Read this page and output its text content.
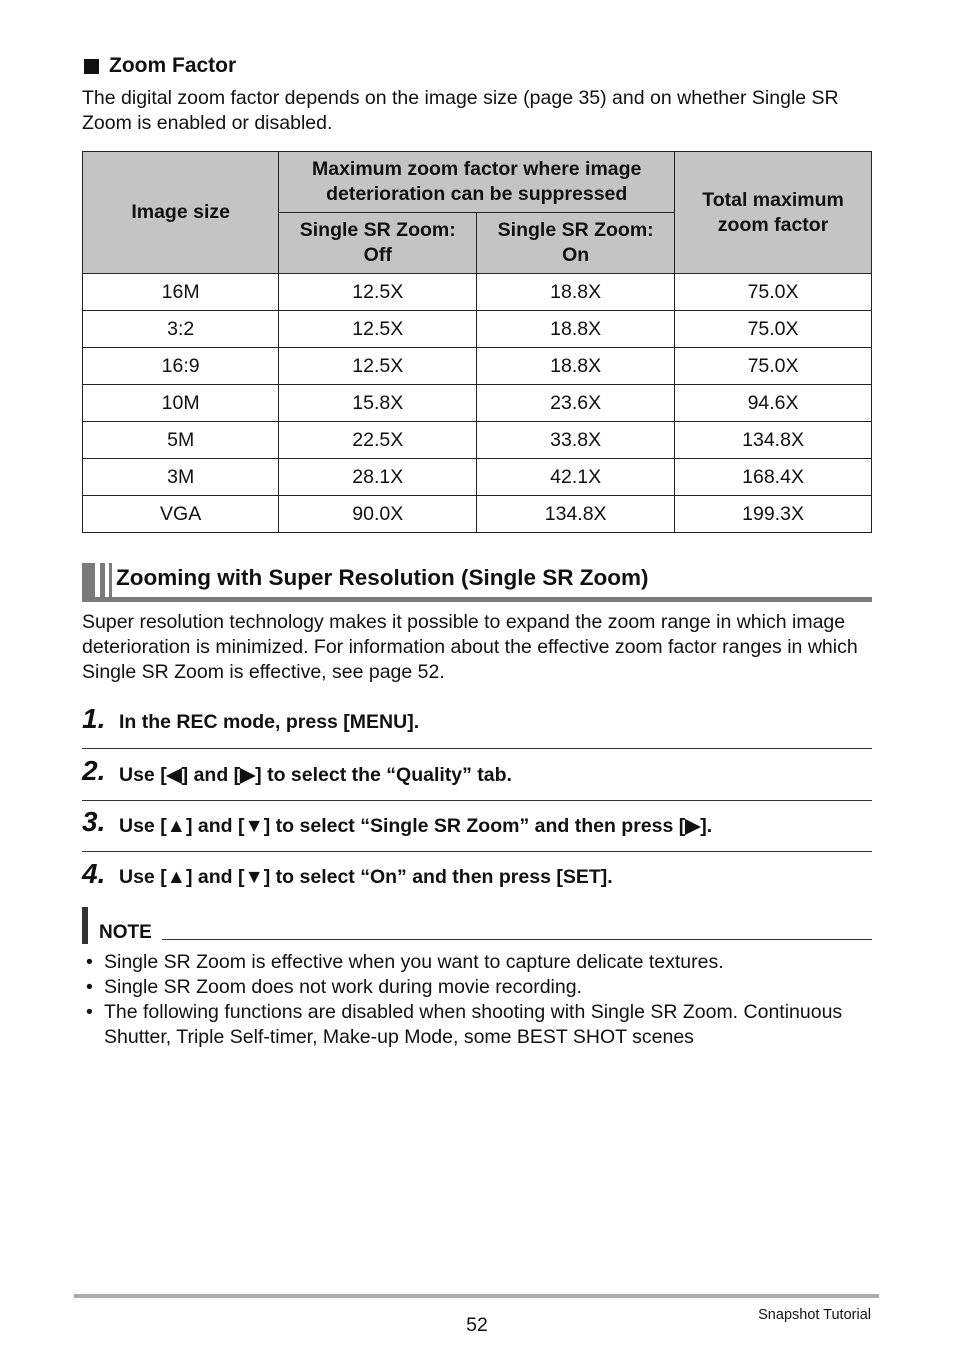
Zoom Factor
The digital zoom factor depends on the image size (page 35) and on whether Single SR Zoom is enabled or disabled.
Image size	Maximum zoom factor where image deterioration can be suppressed		Total maximum zoom factor

	Single SR Zoom: Off	Single SR Zoom: On	

16M	12.5X	18.8X	75.0X
3:2	12.5X	18.8X	75.0X
16:9	12.5X	18.8X	75.0X
10M	15.8X	23.6X	94.6X
5M	22.5X	33.8X	134.8X
3M	28.1X	42.1X	168.4X
VGA	90.0X	134.8X	199.3X
Zooming with Super Resolution (Single SR Zoom)
Super resolution technology makes it possible to expand the zoom range in which image deterioration is minimized. For information about the effective zoom factor ranges in which Single SR Zoom is effective, see page 52.
1. In the REC mode, press [MENU].
2. Use [◀] and [▶] to select the “Quality” tab.
3. Use [▲] and [▼] to select “Single SR Zoom” and then press [▶].
4. Use [▲] and [▼] to select “On” and then press [SET].
NOTE
• Single SR Zoom is effective when you want to capture delicate textures.
• Single SR Zoom does not work during movie recording.
• The following functions are disabled when shooting with Single SR Zoom. Continuous Shutter, Triple Self-timer, Make-up Mode, some BEST SHOT scenes
52	Snapshot Tutorial
